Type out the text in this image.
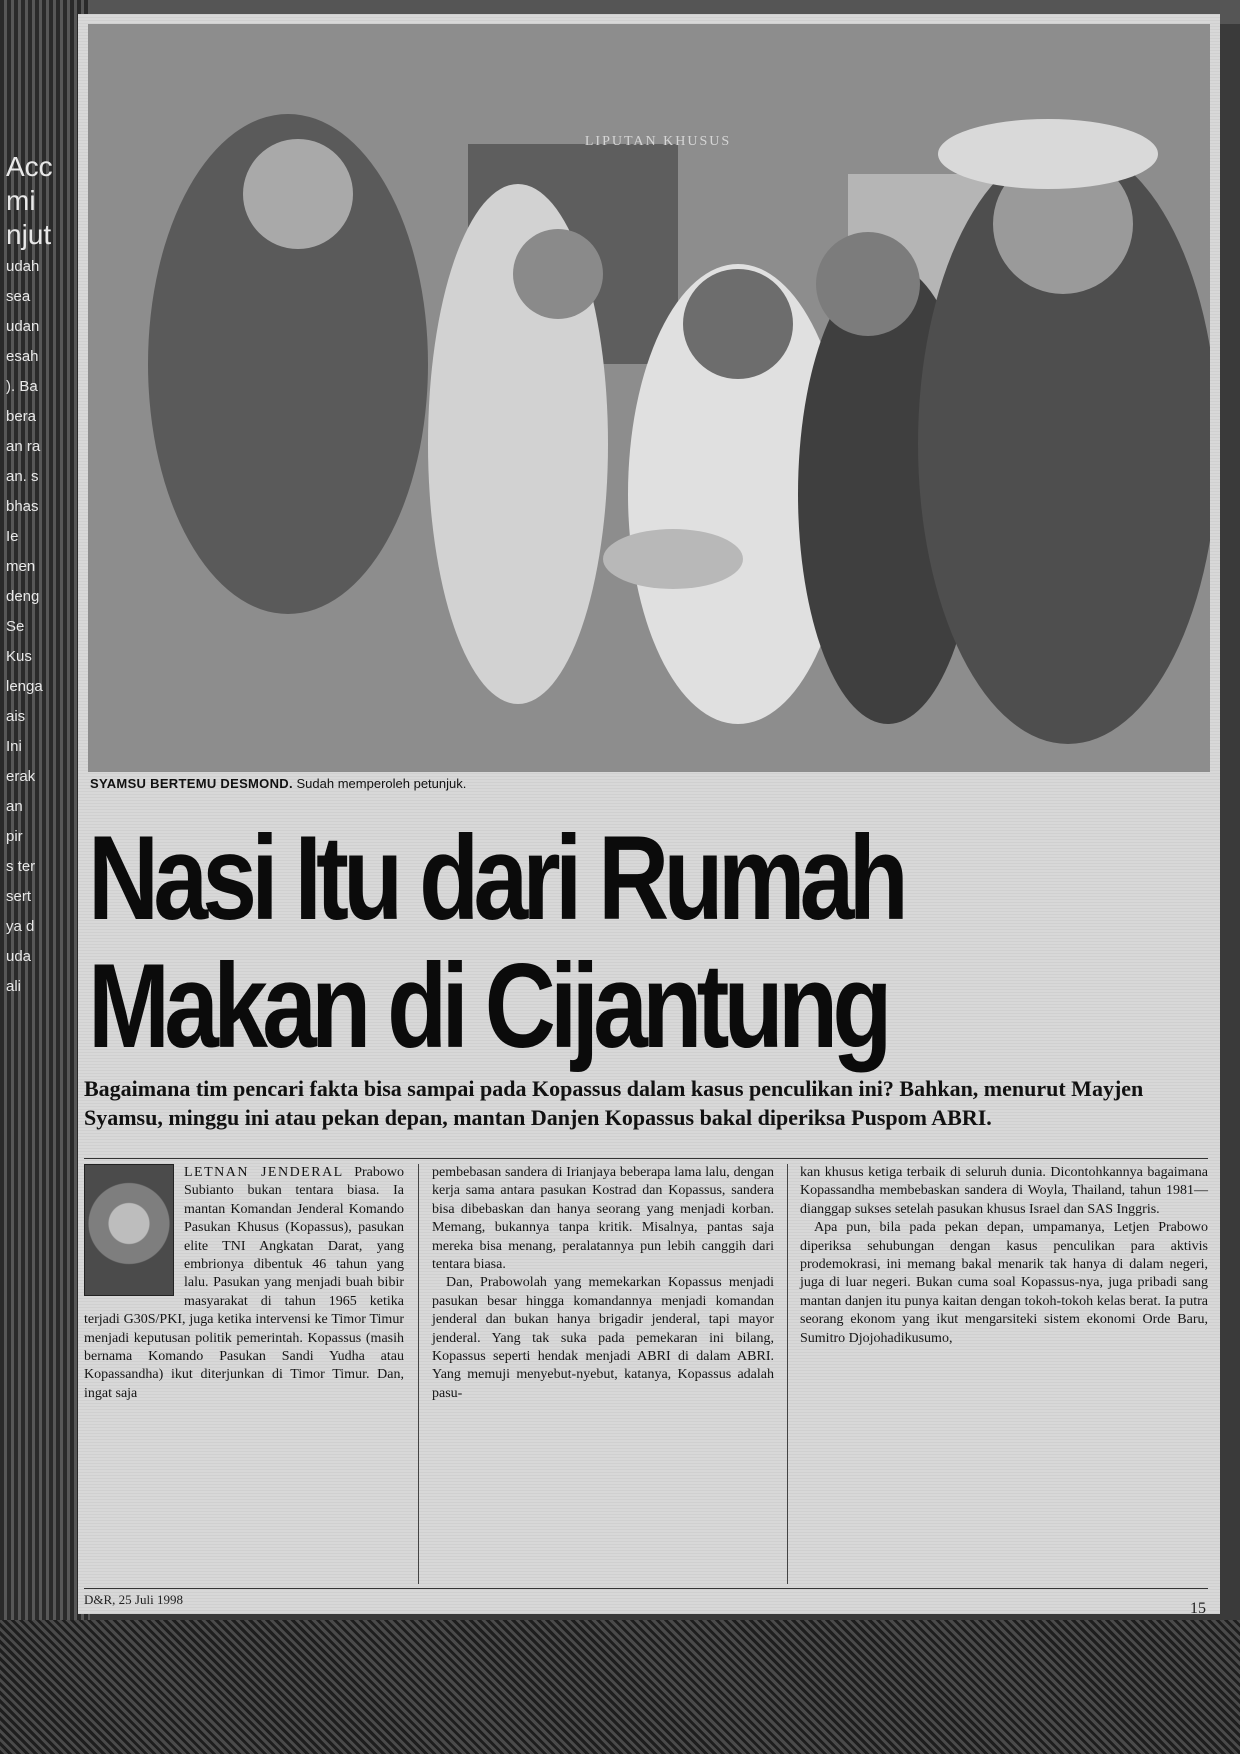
Acc
mi
njut
udah
sea
udan
esah
). Ba
bera
an ra
an. s
bhas
Ie
men
deng
Se
Kus
lenga
ais
Ini
erak
an
pir
s ter
sert
ya d
uda
ali
LIPUTAN KHUSUS
SYAMSU BERTEMU DESMOND. Sudah memperoleh petunjuk.
Nasi Itu dari Rumah
Makan di Cijantung
Bagaimana tim pencari fakta bisa sampai pada Kopassus dalam kasus penculikan ini? Bahkan, menurut Mayjen Syamsu, minggu ini atau pekan depan, mantan Danjen Kopassus bakal diperiksa Puspom ABRI.

LETNAN JENDERAL Prabowo Subianto bukan tentara biasa. Ia mantan Komandan Jenderal Komando Pasukan Khusus (Kopassus), pasukan elite TNI Angkatan Darat, yang embrionya dibentuk 46 tahun yang lalu. Pasukan yang menjadi buah bibir masyarakat di tahun 1965 ketika terjadi G30S/PKI, juga ketika intervensi ke Timor Timur menjadi keputusan politik pemerintah. Kopassus (masih bernama Komando Pasukan Sandi Yudha atau Kopassandha) ikut diterjunkan di Timor Timur. Dan, ingat saja

pembebasan sandera di Irianjaya beberapa lama lalu, dengan kerja sama antara pasukan Kostrad dan Kopassus, sandera bisa dibebaskan dan hanya seorang yang menjadi korban. Memang, bukannya tanpa kritik. Misalnya, pantas saja mereka bisa menang, peralatannya pun lebih canggih dari tentara biasa.

Dan, Prabowolah yang memekarkan Kopassus menjadi pasukan besar hingga komandannya menjadi komandan jenderal dan bukan hanya brigadir jenderal, tapi mayor jenderal. Yang tak suka pada pemekaran ini bilang, Kopassus seperti hendak menjadi ABRI di dalam ABRI. Yang memuji menyebut-nyebut, katanya, Kopassus adalah pasu-

kan khusus ketiga terbaik di seluruh dunia. Dicontohkannya bagaimana Kopassandha membebaskan sandera di Woyla, Thailand, tahun 1981—dianggap sukses setelah pasukan khusus Israel dan SAS Inggris.

Apa pun, bila pada pekan depan, umpamanya, Letjen Prabowo diperiksa sehubungan dengan kasus penculikan para aktivis prodemokrasi, ini memang bakal menarik tak hanya di dalam negeri, juga di luar negeri. Bukan cuma soal Kopassus-nya, juga pribadi sang mantan danjen itu punya kaitan dengan tokoh-tokoh kelas berat. Ia putra seorang ekonom yang ikut mengarsiteki sistem ekonomi Orde Baru, Sumitro Djojohadikusumo,

D&R, 25 Juli 1998
15
